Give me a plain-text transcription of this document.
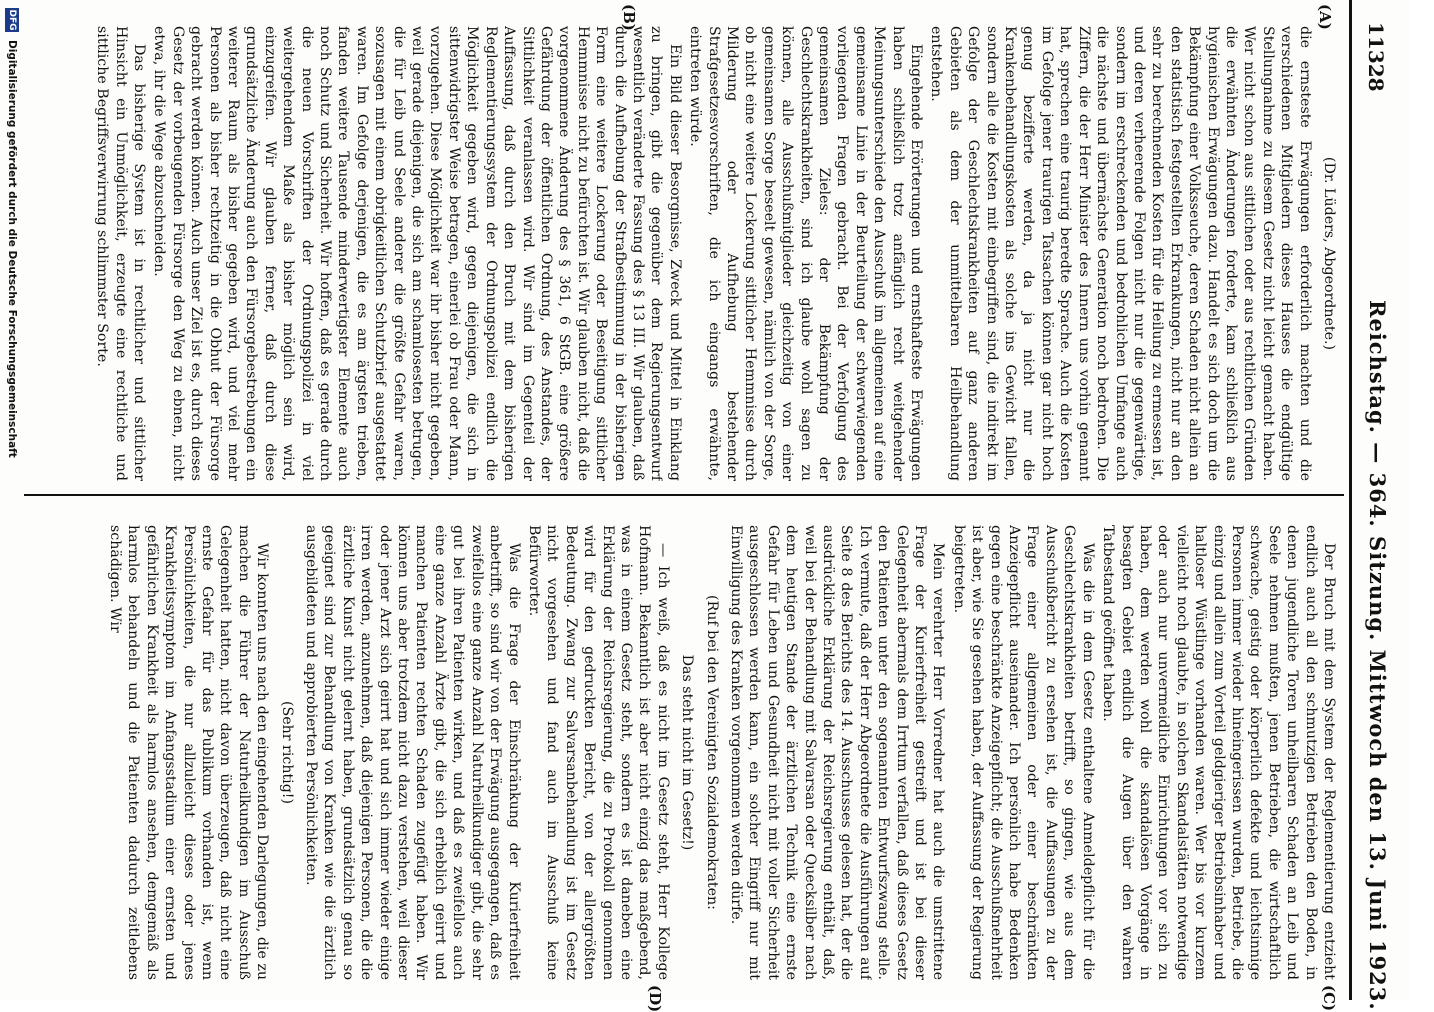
11328
Reichstag. — 364. Sitzung. Mittwoch den 13. Juni 1923.
(A)
(B)
(C)
(D)

(Dr. Lüders, Abgeordnete.)

die ernsteste Erwägungen erforderlich machten und die verschiedenen Mitgliedern dieses Hauses die endgültige Stellungnahme zu diesem Gesetz nicht leicht gemacht haben. Wer nicht schon aus sittlichen oder aus rechtlichen Gründen die erwähnten Änderungen forderte, kam schließlich aus hygienischen Erwägungen dazu. Handelt es sich doch um die Bekämpfung einer Volksseuche, deren Schaden nicht allein an den statistisch festgestellten Erkrankungen, nicht nur an den sehr zu berechnenden Kosten für die Heilung zu ermessen ist, und deren verheerende Folgen nicht nur die gegenwärtige, sondern im erschreckenden und bedrohlichen Umfange auch die nächste und übernächste Generation noch bedrohen. Die Ziffern, die der Herr Minister des Innern uns vorhin genannt hat, sprechen eine traurig beredte Sprache. Auch die Kosten im Gefolge jener traurigen Tatsachen können gar nicht hoch genug bezifferte werden, da ja nicht nur die Krankenbehandlungskosten als solche ins Gewicht fallen, sondern alle die Kosten mit einbegriffen sind, die indirekt im Gefolge der Geschlechtskrankheiten auf ganz anderen Gebieten als dem der unmittelbaren Heilbehandlung entstehen.

Eingehende Erörterungen und ernsthafteste Erwägungen haben schließlich trotz anfänglich recht weitgehender Meinungsunterschiede den Ausschuß im allgemeinen auf eine gemeinsame Linie in der Beurteilung der schwerwiegenden vorliegenden Fragen gebracht. Bei der Verfolgung des gemeinsamen Zieles: der Bekämpfung der Geschlechtskrankheiten, sind ich glaube wohl sagen zu können, alle Ausschußmitglieder gleichzeitig von einer gemeinsamen Sorge beseelt gewesen, nämlich von der Sorge, ob nicht eine weitere Lockerung sittlicher Hemmnisse durch Milderung oder Aufhebung bestehender Strafgesetzesvorschriften, die ich eingangs erwähnte, eintreten würde.

Ein Bild dieser Besorgnisse, Zweck und Mittel in Einklang zu bringen, gibt die gegenüber dem Regierungsentwurf wesentlich veränderte Fassung des § 13 III. Wir glauben, daß durch die Aufhebung der Strafbestimmung in der bisherigen Form eine weitere Lockerung oder Beseitigung sittlicher Hemmnisse nicht zu befürchten ist. Wir glauben nicht, daß die vorgenommene Änderung des § 361, 6 StGB. eine größere Gefährdung der öffentlichen Ordnung, des Anstandes, der Sittlichkeit veranlassen wird. Wir sind im Gegenteil der Auffassung, daß durch den Bruch mit dem bisherigen Reglementierungssystem der Ordnungspolizei endlich die Möglichkeit gegeben wird, gegen diejenigen, die sich in sittenwidrigster Weise betragen, einerlei ob Frau oder Mann, vorzugehen. Diese Möglichkeit war ihr bisher nicht gegeben, weil gerade diejenigen, die sich am schamlosesten betrugen, die für Leib und Seele anderer die größte Gefahr waren, sozusagen mit einem obrigkeitlichen Schutzbrief ausgestattet waren. Im Gefolge derjenigen, die es am ärgsten trieben, fanden weitere Tausende minderwertigster Elemente auch noch Schutz und Sicherheit. Wir hoffen, daß es gerade durch die neuen Vorschriften der Ordnungspolizei in viel weitergehendem Maße als bisher möglich sein wird, einzugreifen. Wir glauben ferner, daß durch diese grundsätzliche Änderung auch den Fürsorgebestrebungen ein weiterer Raum als bisher gegeben wird, und viel mehr Personen als bisher rechtzeitig in die Obhut der Fürsorge gebracht werden können. Auch unser Ziel ist es, durch dieses Gesetz der vorbeugenden Fürsorge den Weg zu ebnen, nicht etwa, ihr die Wege abzuschneiden.

Das bisherige System ist in rechtlicher und sittlicher Hinsicht ein Unmöglichkeit, erzeugte eine rechtliche und sittliche Begriffsverwirrung schlimmster Sorte.

Der Bruch mit dem System der Reglementierung entzieht endlich auch all den schmutzigen Betrieben den Boden, in denen jugendliche Toren unheilbaren Schaden an Leib und Seele nehmen mußten, jenen Betrieben, die wirtschaftlich schwache, geistig oder körperlich defekte und leichtsinnige Personen immer wieder hineingerissen wurden, Betriebe, die einzig und allein zum Vorteil geldgieriger Betriebsinhaber und haltloser Wüstlinge vorhanden waren. Wer bis vor kurzem vielleicht noch glaubte, in solchen Skandalstätten notwendige oder auch nur unvermeidliche Einrichtungen vor sich zu haben, dem werden wohl die skandalösen Vorgänge in besagten Gebiet endlich die Augen über den wahren Tatbestand geöffnet haben.

Was die in dem Gesetz enthaltene Anmeldepflicht für die Geschlechtskrankheiten betrifft, so gingen, wie aus dem Ausschußbericht zu ersehen ist, die Auffassungen zu der Frage einer allgemeinen oder einer beschränkten Anzeigepflicht auseinander. Ich persönlich habe Bedenken gegen eine beschränkte Anzeigepflicht; die Ausschußmehrheit ist aber, wie Sie gesehen haben, der Auffassung der Regierung beigetreten.

Mein verehrter Herr Vorredner hat auch die umstrittene Frage der Kurierfreiheit gestreift und ist bei dieser Gelegenheit abermals dem Irrtum verfallen, daß dieses Gesetz den Patienten unter den sogenannten Entwurfszwang stelle. Ich vermute, daß der Herr Abgeordnete die Ausführungen auf Seite 8 des Berichts des 14. Ausschusses gelesen hat, der die ausdrückliche Erklärung der Reichsregierung enthält, daß, weil bei der Behandlung mit Salvarsan oder Quecksilber nach dem heutigen Stande der ärztlichen Technik eine ernste Gefahr für Leben und Gesundheit nicht mit voller Sicherheit ausgeschlossen werden kann, ein solcher Eingriff nur mit Einwilligung des Kranken vorgenommen werden dürfe.

(Ruf bei den Vereinigten Sozialdemokraten:

Das steht nicht im Gesetz!)

— Ich weiß, daß es nicht im Gesetz steht, Herr Kollege Hofmann. Bekanntlich ist aber nicht einzig das maßgebend, was in einem Gesetz steht, sondern es ist daneben eine Erklärung der Reichsregierung, die zu Protokoll genommen wird für den gedruckten Bericht, von der allergrößten Bedeutung. Zwang zur Salvarsanbehandlung ist im Gesetz nicht vorgesehen und fand auch im Ausschuß keine Befürworter.

Was die Frage der Einschränkung der Kurierfreiheit anbetrifft, so sind wir von der Erwägung ausgegangen, daß es zweifellos eine ganze Anzahl Naturheilkundiger gibt, die sehr gut bei ihren Patienten wirken, und daß es zweifellos auch eine ganze Anzahl Ärzte gibt, die sich erheblich geirrt und manchen Patienten rechten Schaden zugefügt haben. Wir können uns aber trotzdem nicht dazu verstehen, weil dieser oder jener Arzt sich geirrt hat und sich immer wieder einige irren werden, anzunehmen, daß diejenigen Personen, die die ärztliche Kunst nicht gelernt haben, grundsätzlich genau so geeignet sind zur Behandlung von Kranken wie die ärztlich ausgebildeten und approbierten Persönlichkeiten.

(Sehr richtig!)

Wir konnten uns nach den eingehenden Darlegungen, die zu machen die Führer der Naturheilkundigen im Ausschuß Gelegenheit hatten, nicht davon überzeugen, daß nicht eine ernste Gefahr für das Publikum vorhanden ist, wenn Persönlichkeiten, die nur allzuleicht dieses oder jenes Krankheitssymptom im Anfangsstadium einer ernsten und gefährlichen Krankheit als harmlos ansehen, demgemäß als harmlos behandeln und die Patienten dadurch zeitlebens schädigen. Wir

DFG
Digitalisierung gefördert durch die Deutsche Forschungsgemeinschaft
